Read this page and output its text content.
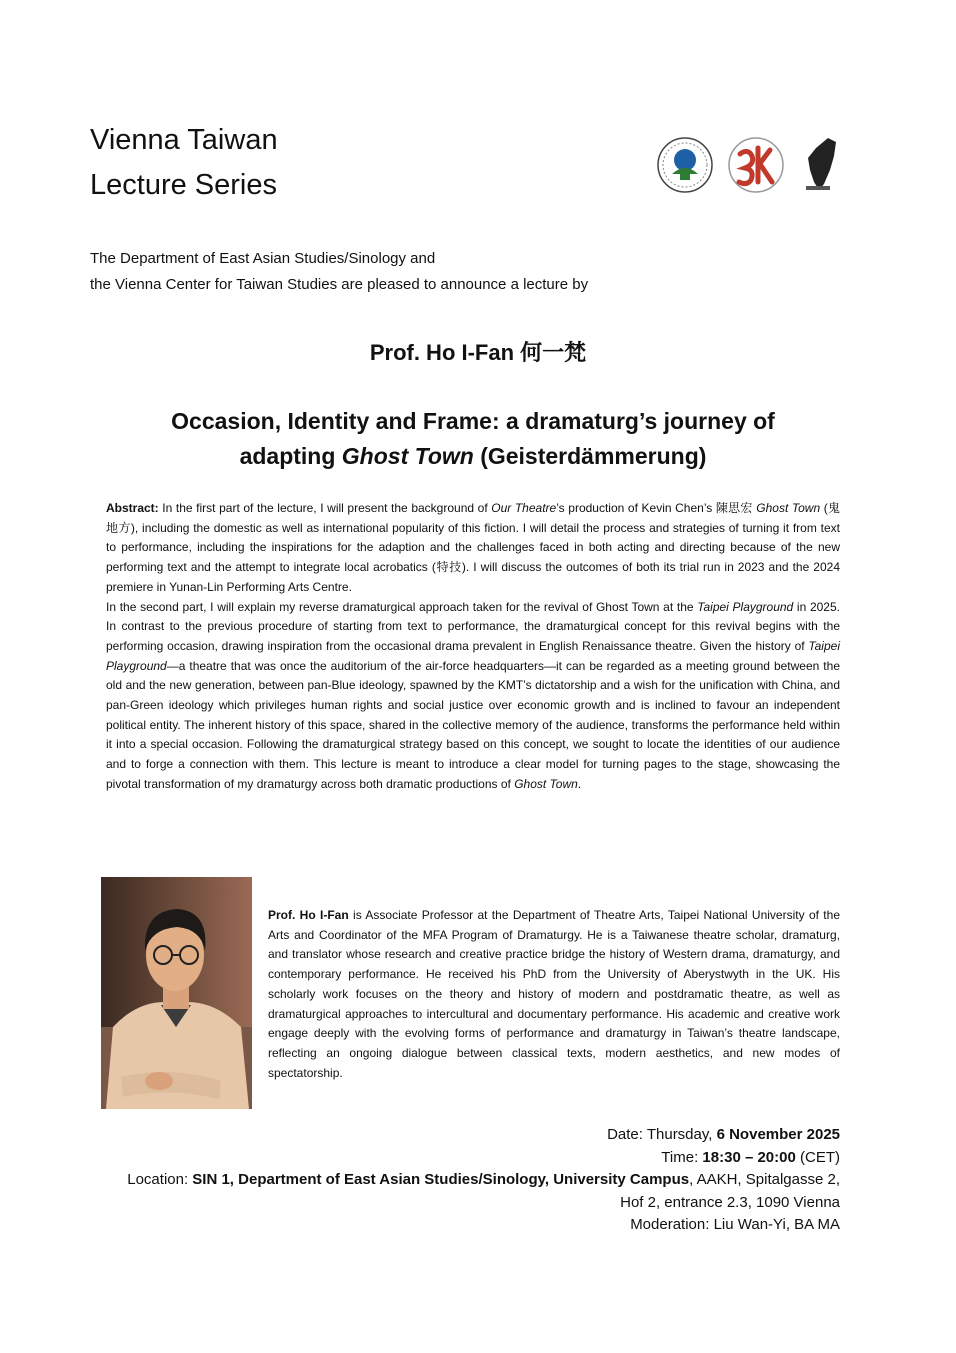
Vienna Taiwan
Lecture Series

The Department of East Asian Studies/Sinology and
the Vienna Center for Taiwan Studies are pleased to announce a lecture by

Prof. Ho I-Fan 何一梵
Occasion, Identity and Frame: a dramaturg’s journey of
adapting Ghost Town (Geisterdämmerung)

Abstract: In the first part of the lecture, I will present the background of Our Theatre’s production of Kevin Chen’s 陳思宏 Ghost Town (鬼地方), including the domestic as well as international popularity of this fiction. I will detail the process and strategies of turning it from text to performance, including the inspirations for the adaption and the challenges faced in both acting and directing because of the new performing text and the attempt to integrate local acrobatics (特技). I will discuss the outcomes of both its trial run in 2023 and the 2024 premiere in Yunan-Lin Performing Arts Centre.

In the second part, I will explain my reverse dramaturgical approach taken for the revival of Ghost Town at the Taipei Playground in 2025. In contrast to the previous procedure of starting from text to performance, the dramaturgical concept for this revival begins with the performing occasion, drawing inspiration from the occasional drama prevalent in English Renaissance theatre. Given the history of Taipei Playground—a theatre that was once the auditorium of the air-force headquarters—it can be regarded as a meeting ground between the old and the new generation, between pan-Blue ideology, spawned by the KMT’s dictatorship and a wish for the unification with China, and pan-Green ideology which privileges human rights and social justice over economic growth and is inclined to favour an independent political entity. The inherent history of this space, shared in the collective memory of the audience, transforms the performance held within it into a special occasion. Following the dramaturgical strategy based on this concept, we sought to locate the identities of our audience and to forge a connection with them. This lecture is meant to introduce a clear model for turning pages to the stage, showcasing the pivotal transformation of my dramaturgy across both dramatic productions of Ghost Town.

Prof. Ho I-Fan is Associate Professor at the Department of Theatre Arts, Taipei National University of the Arts and Coordinator of the MFA Program of Dramaturgy. He is a Taiwanese theatre scholar, dramaturg, and translator whose research and creative practice bridge the history of Western drama, dramaturgy, and contemporary performance. He received his PhD from the University of Aberystwyth in the UK. His scholarly work focuses on the theory and history of modern and postdramatic theatre, as well as dramaturgical approaches to intercultural and documentary performance. His academic and creative work engage deeply with the evolving forms of performance and dramaturgy in Taiwan’s theatre landscape, reflecting an ongoing dialogue between classical texts, modern aesthetics, and new modes of spectatorship.

Date: Thursday, 6 November 2025
Time: 18:30 – 20:00 (CET)
Location: SIN 1, Department of East Asian Studies/Sinology, University Campus, AAKH, Spitalgasse 2,
Hof 2, entrance 2.3, 1090 Vienna
Moderation: Liu Wan-Yi, BA MA
